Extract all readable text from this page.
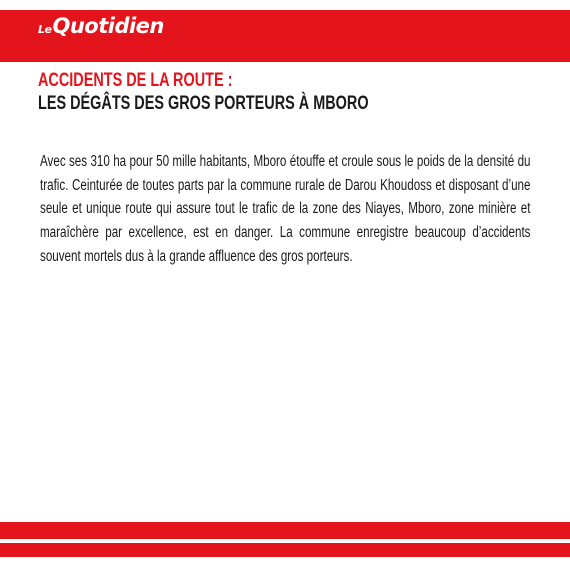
LeQuotidien
ACCIDENTS DE LA ROUTE :
LES DÉGÂTS DES GROS PORTEURS À MBORO
Avec ses 310 ha pour 50 mille habitants, Mboro étouffe et croule sous le poids de la densité du trafic. Ceinturée de toutes parts par la commune rurale de Darou Khoudoss et disposant d’une seule et unique route qui assure tout le trafic de la zone des Niayes, Mboro, zone minière et maraîchère par excellence, est en danger. La commune enregistre beaucoup d’accidents souvent mortels dus à la grande affluence des gros porteurs.
